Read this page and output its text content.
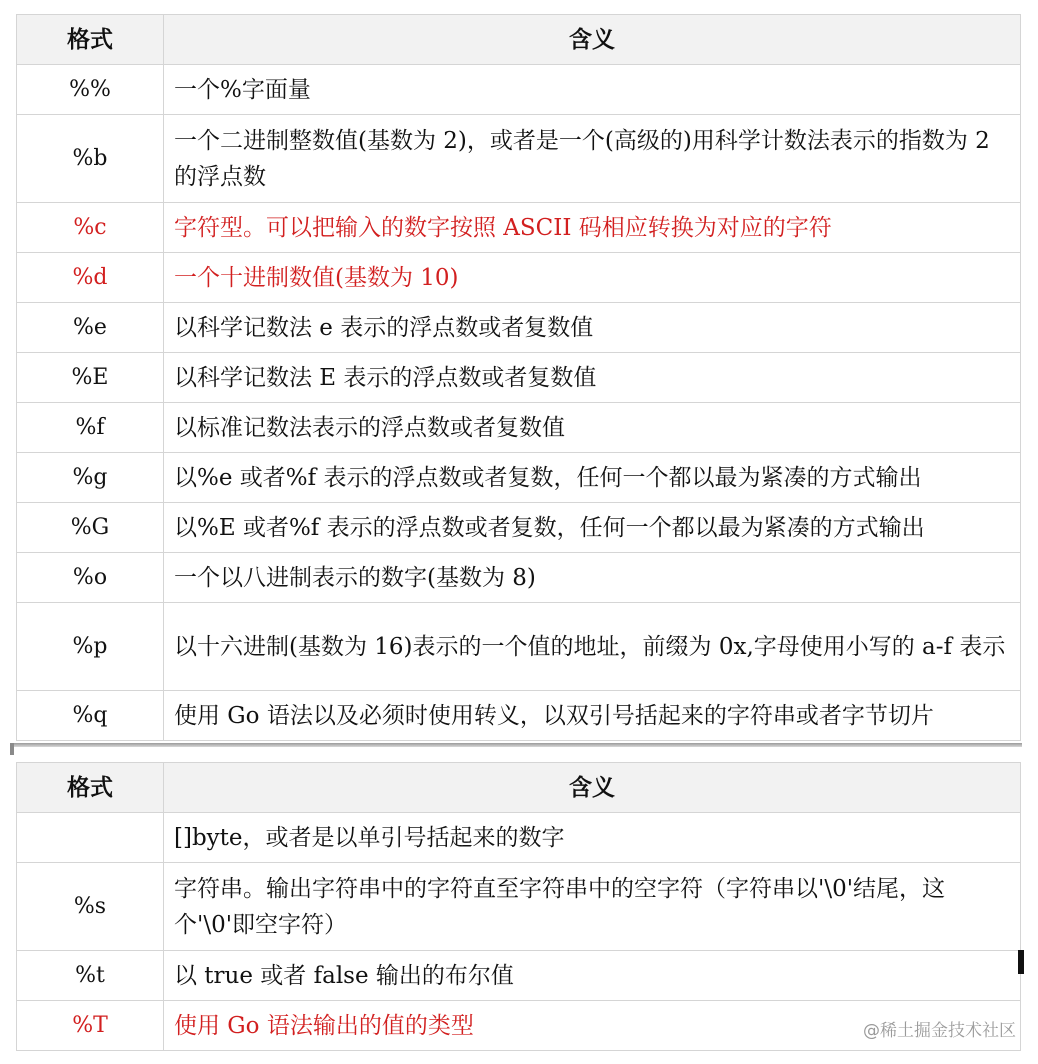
格式	含义
%%	一个%字面量
%b	一个二进制整数值(基数为 2)，或者是一个(高级的)用科学计数法表示的指数为 2 的浮点数
%c	字符型。可以把输入的数字按照 ASCII 码相应转换为对应的字符
%d	一个十进制数值(基数为 10)
%e	以科学记数法 e 表示的浮点数或者复数值
%E	以科学记数法 E 表示的浮点数或者复数值
%f	以标准记数法表示的浮点数或者复数值
%g	以%e 或者%f 表示的浮点数或者复数，任何一个都以最为紧凑的方式输出
%G	以%E 或者%f 表示的浮点数或者复数，任何一个都以最为紧凑的方式输出
%o	一个以八进制表示的数字(基数为 8)
%p	以十六进制(基数为 16)表示的一个值的地址，前缀为 0x,字母使用小写的 a-f 表示
%q	使用 Go 语法以及必须时使用转义，以双引号括起来的字符串或者字节切片
格式	含义
	[]byte，或者是以单引号括起来的数字
%s	字符串。输出字符串中的字符直至字符串中的空字符（字符串以'\0'结尾，这个'\0'即空字符）
%t	以 true 或者 false 输出的布尔值
%T	使用 Go 语法输出的值的类型	@稀土掘金技术社区
